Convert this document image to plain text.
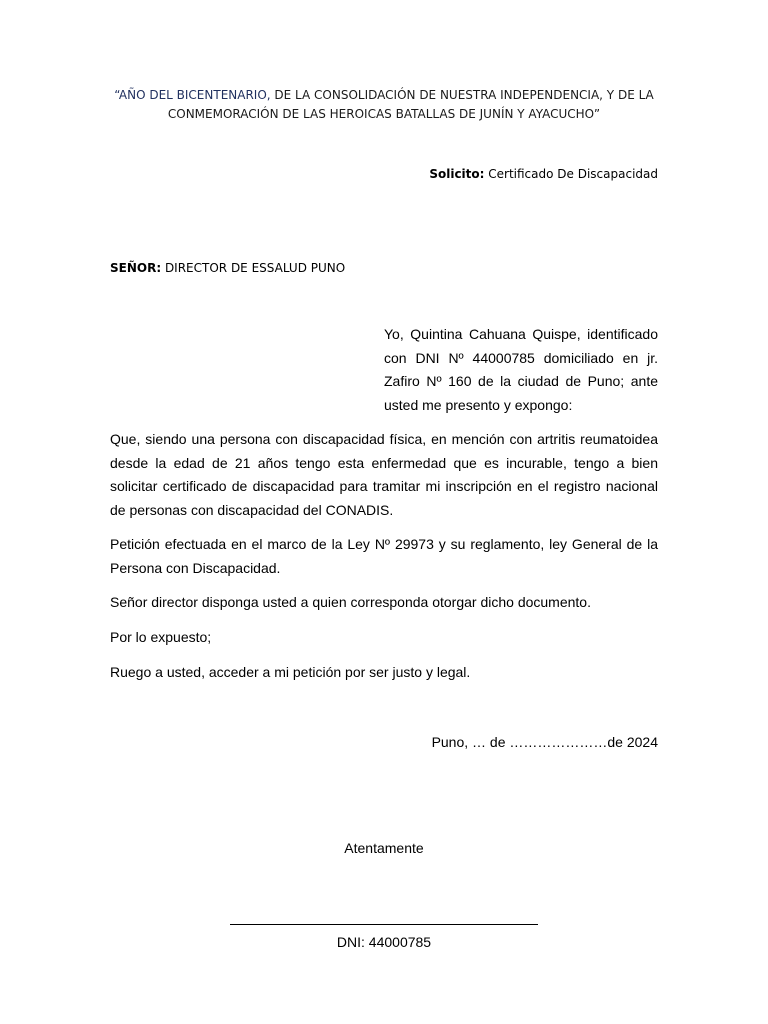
“AÑO DEL BICENTENARIO, DE LA CONSOLIDACIÓN DE NUESTRA INDEPENDENCIA, Y DE LA CONMEMORACIÓN DE LAS HEROICAS BATALLAS DE JUNÍN Y AYACUCHO”
Solicito: Certificado De Discapacidad
SEÑOR: DIRECTOR DE ESSALUD PUNO
Yo, Quintina Cahuana Quispe, identificado con DNI Nº 44000785 domiciliado en jr. Zafiro Nº 160 de la ciudad de Puno; ante usted me presento y expongo:

Que, siendo una persona con discapacidad física, en mención con artritis reumatoidea desde la edad de 21 años tengo esta enfermedad que es incurable, tengo a bien solicitar certificado de discapacidad para tramitar mi inscripción en el registro nacional de personas con discapacidad del CONADIS.

Petición efectuada en el marco de la Ley Nº 29973 y su reglamento, ley General de la Persona con Discapacidad.

Señor director disponga usted a quien corresponda otorgar dicho documento.

Por lo expuesto;

Ruego a usted, acceder a mi petición por ser justo y legal.

Puno, … de …………………de 2024
Atentamente
DNI: 44000785
